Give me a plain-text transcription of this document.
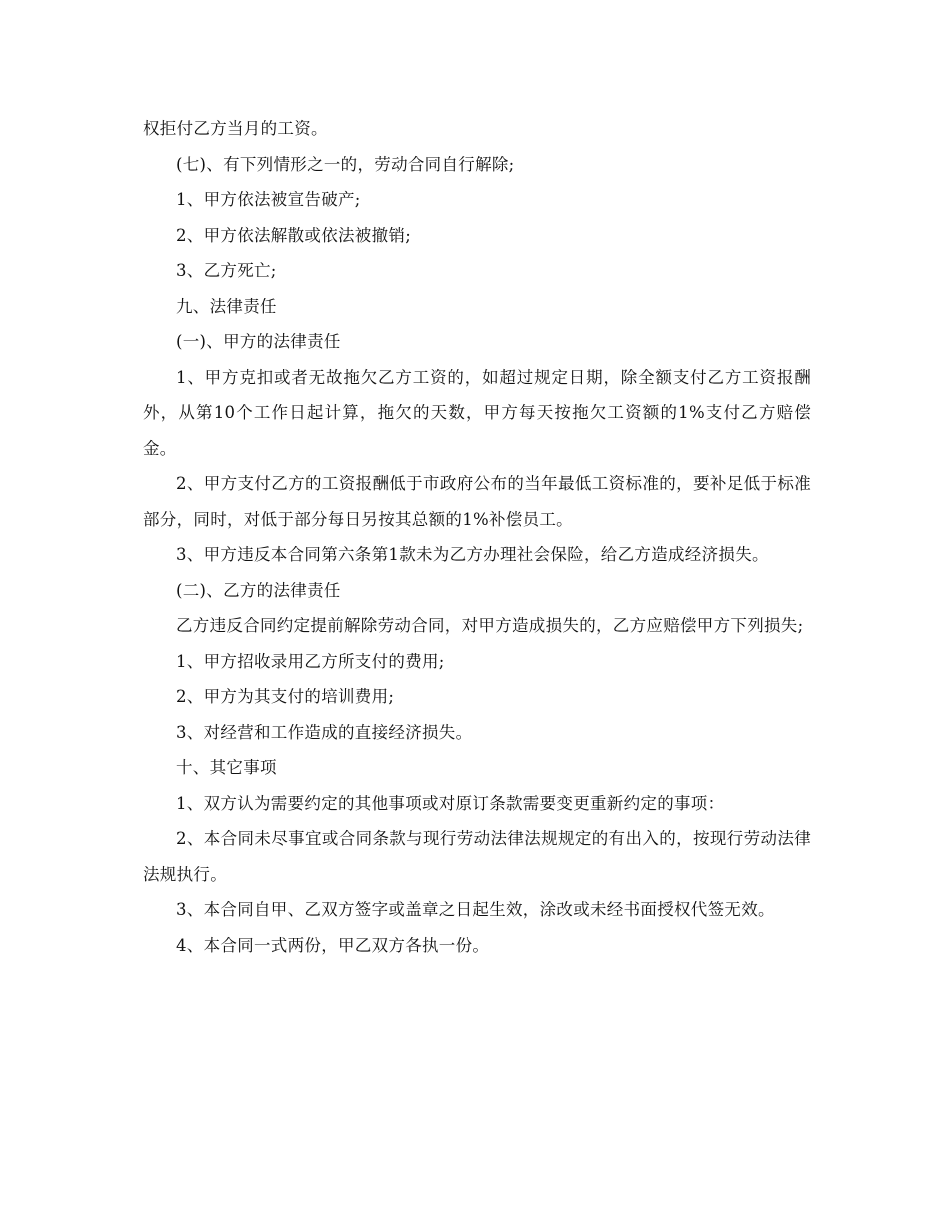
权拒付乙方当月的工资。

(七)、有下列情形之一的，劳动合同自行解除;

1、甲方依法被宣告破产;

2、甲方依法解散或依法被撤销;

3、乙方死亡;

九、法律责任

(一)、甲方的法律责任

1、甲方克扣或者无故拖欠乙方工资的，如超过规定日期，除全额支付乙方工资报酬外，从第10个工作日起计算，拖欠的天数，甲方每天按拖欠工资额的1%支付乙方赔偿金。

2、甲方支付乙方的工资报酬低于市政府公布的当年最低工资标准的，要补足低于标准部分，同时，对低于部分每日另按其总额的1%补偿员工。

3、甲方违反本合同第六条第1款未为乙方办理社会保险，给乙方造成经济损失。

(二)、乙方的法律责任

乙方违反合同约定提前解除劳动合同，对甲方造成损失的，乙方应赔偿甲方下列损失;

1、甲方招收录用乙方所支付的费用;

2、甲方为其支付的培训费用;

3、对经营和工作造成的直接经济损失。

十、其它事项

1、双方认为需要约定的其他事项或对原订条款需要变更重新约定的事项：

2、本合同未尽事宜或合同条款与现行劳动法律法规规定的有出入的，按现行劳动法律法规执行。

3、本合同自甲、乙双方签字或盖章之日起生效，涂改或未经书面授权代签无效。

4、本合同一式两份，甲乙双方各执一份。
